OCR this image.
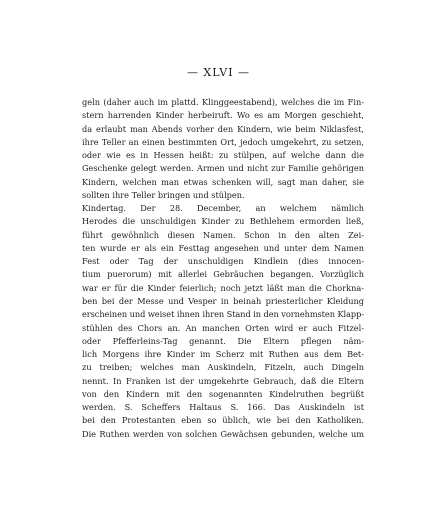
— XLVI —
geln (daher auch im plattd. Klinggeestabend), welches die im Fin-
stern harrenden Kinder herbeiruft. Wo es am Morgen geschieht,
da erlaubt man Abends vorher den Kindern, wie beim Niklasfest,
ihre Teller an einen bestimmten Ort, jedoch umgekehrt, zu setzen,
oder wie es in Hessen heißt: zu stülpen, auf welche dann die
Geschenke gelegt werden. Armen und nicht zur Familie gehörigen
Kindern, welchen man etwas schenken will, sagt man daher, sie
sollten ihre Teller bringen und stülpen.
Kindertag. Der 28. December, an welchem nämlich
Herodes die unschuldigen Kinder zu Bethlehem ermorden ließ,
führt gewöhnlich diesen Namen. Schon in den alten Zei-
ten wurde er als ein Festtag angesehen und unter dem Namen
Fest oder Tag der unschuldigen Kindlein (dies innocen-
tium puerorum) mit allerlei Gebräuchen begangen. Vorzüglich
war er für die Kinder feierlich; noch jetzt läßt man die Chorkna-
ben bei der Messe und Vesper in beinah priesterlicher Kleidung
erscheinen und weiset ihnen ihren Stand in den vornehmsten Klapp-
stühlen des Chors an. An manchen Orten wird er auch Fitzel-
oder Pfefferleins-Tag genannt. Die Eltern pflegen näm-
lich Morgens ihre Kinder im Scherz mit Ruthen aus dem Bet-
zu treiben; welches man Auskindeln, Fitzeln, auch Dingeln
nennt. In Franken ist der umgekehrte Gebrauch, daß die Eltern
von den Kindern mit den sogenannten Kindelruthen begrüßt
werden. S. Scheffers Haltaus S. 166. Das Auskindeln ist
bei den Protestanten eben so üblich, wie bei den Katholiken.
Die Ruthen werden von solchen Gewächsen gebunden, welche um
